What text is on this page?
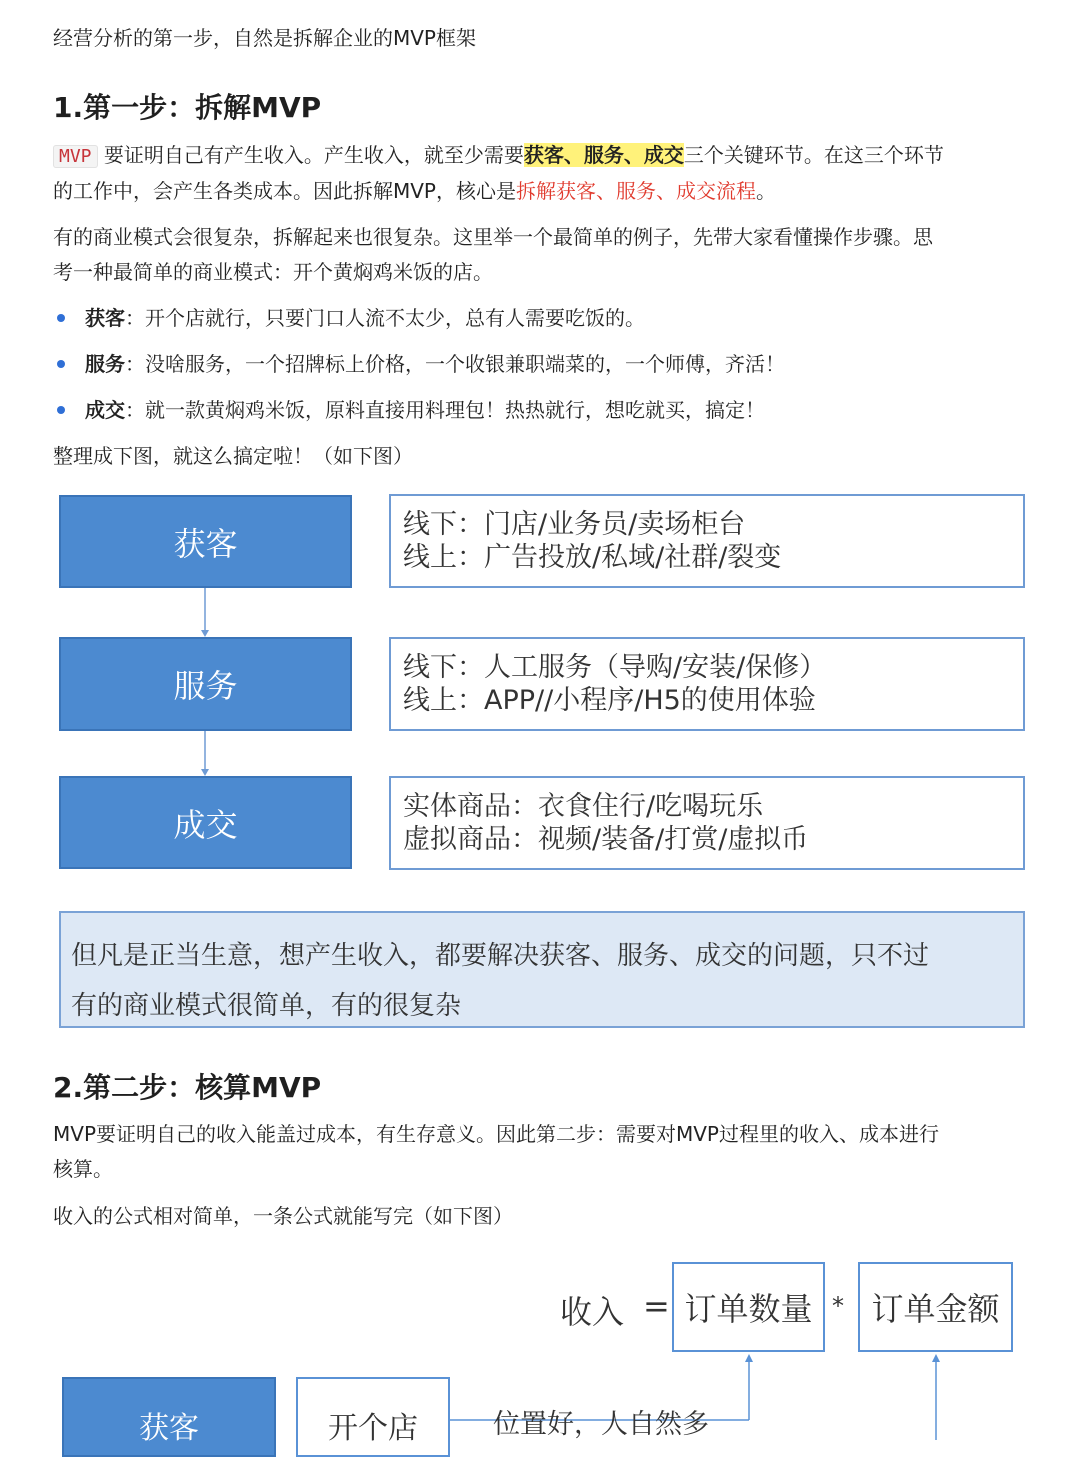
经营分析的第一步，自然是拆解企业的MVP框架
1.第一步：拆解MVP
MVP 要证明自己有产生收入。产生收入，就至少需要获客、服务、成交三个关键环节。在这三个环节
的工作中，会产生各类成本。因此拆解MVP，核心是拆解获客、服务、成交流程。
有的商业模式会很复杂，拆解起来也很复杂。这里举一个最简单的例子，先带大家看懂操作步骤。思
考一种最简单的商业模式：开个黄焖鸡米饭的店。
获客：开个店就行，只要门口人流不太少，总有人需要吃饭的。
服务：没啥服务，一个招牌标上价格，一个收银兼职端菜的，一个师傅，齐活！
成交：就一款黄焖鸡米饭，原料直接用料理包！热热就行，想吃就买，搞定！
整理成下图，就这么搞定啦！（如下图）
获客	线下：门店/业务员/卖场柜台
线上：广告投放/私域/社群/裂变
服务	线下：人工服务（导购/安装/保修）
线上：APP//小程序/H5的使用体验
成交	实体商品：衣食住行/吃喝玩乐
虚拟商品：视频/装备/打赏/虚拟币
但凡是正当生意，想产生收入，都要解决获客、服务、成交的问题，只不过
有的商业模式很简单，有的很复杂
2.第二步：核算MVP
MVP要证明自己的收入能盖过成本，有生存意义。因此第二步：需要对MVP过程里的收入、成本进行
核算。
收入的公式相对简单，一条公式就能写完（如下图）
收入 = 订单数量 * 订单金额
获客	开个店	位置好，人自然多
